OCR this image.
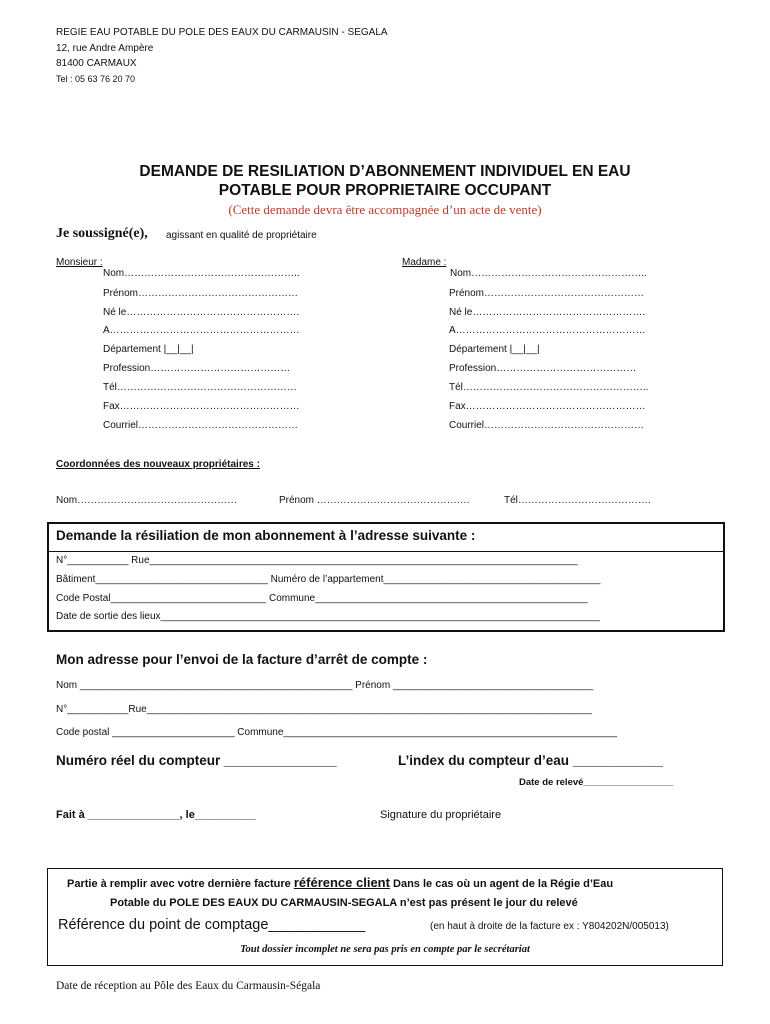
REGIE EAU POTABLE DU POLE DES EAUX DU CARMAUSIN - SEGALA
12, rue Andre Ampère
81400 CARMAUX
Tel : 05 63 76 20 70
DEMANDE DE RESILIATION D’ABONNEMENT INDIVIDUEL EN EAU
POTABLE POUR PROPRIETAIRE OCCUPANT
(Cette demande devra être accompagnée d’un acte de vente)
Je soussigné(e), agissant en qualité de propriétaire
Monsieur :
Nom……………………………………………..
Prénom…………………………………………
Né le…………………………………………….
A…………………………………………………
Département |__|__|
Profession……………………………………
Tél………………………………………………
Fax………………………………………………
Courriel…………………………………………
Madame :
Nom……………………………………………..
Prénom…………………………………………
Né le…………………………………………….
A…………………………………………………
Département |__|__|
Profession……………………………………
Tél………………………………………………..
Fax………………………………………………
Courriel…………………………………………
Coordonnées des nouveaux propriétaires :
Nom…………………………………………	Prénom ……………………………………….	Tél………………………………….
Demande la résiliation de mon abonnement à l’adresse suivante :
N°___________ Rue_____________________________________________________________________________
Bâtiment_______________________________ Numéro de l’appartement_______________________________________
Code Postal____________________________ Commune_________________________________________________
Date de sortie des lieux_______________________________________________________________________________
Mon adresse pour l’envoi de la facture d’arrêt de compte :
Nom _________________________________________________ Prénom ____________________________________
N°___________Rue________________________________________________________________________________
Code postal ______________________ Commune____________________________________________________________
Numéro réel du compteur _______________	L’index du compteur d’eau ____________
Date de relevé_________________
Fait à _______________, le__________	Signature du propriétaire
Partie à remplir avec votre dernière facture référence client Dans le cas où un agent de la Régie d’Eau
Potable du POLE DES EAUX DU CARMAUSIN-SEGALA n’est pas présent le jour du relevé
Référence du point de comptage____________	(en haut à droite de la facture ex : Y804202N/005013)
Tout dossier incomplet ne sera pas pris en compte par le secrétariat
Date de réception au Pôle des Eaux du Carmausin-Ségala
